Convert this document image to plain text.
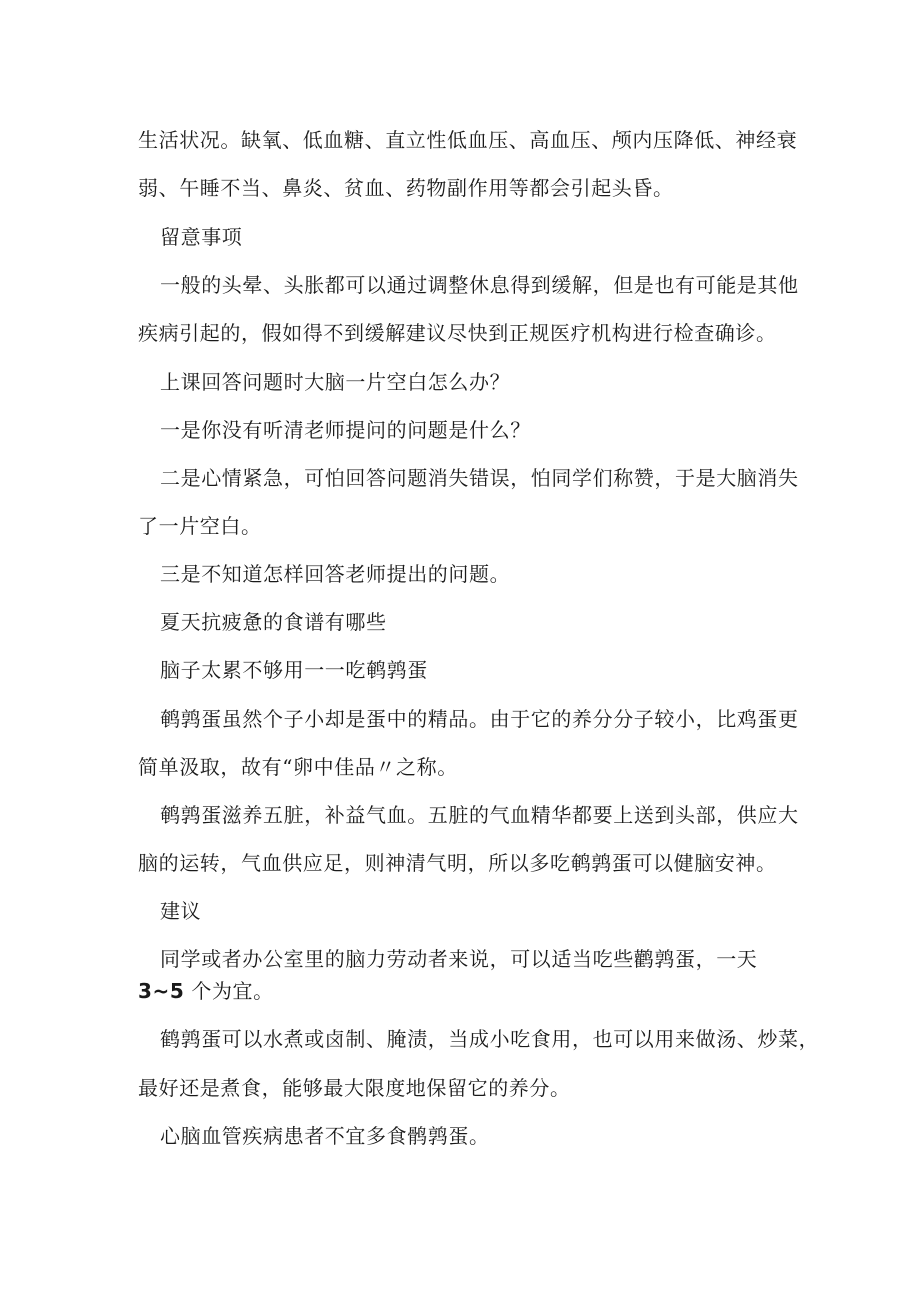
生活状况。缺氧、低血糖、直立性低血压、高血压、颅内压降低、神经衰
弱、午睡不当、鼻炎、贫血、药物副作用等都会引起头昏。
留意事项
一般的头晕、头胀都可以通过调整休息得到缓解，但是也有可能是其他
疾病引起的，假如得不到缓解建议尽快到正规医疗机构进行检查确诊。
上课回答问题时大脑一片空白怎么办？
一是你没有听清老师提问的问题是什么？
二是心情紧急，可怕回答问题消失错误，怕同学们称赞，于是大脑消失
了一片空白。
三是不知道怎样回答老师提出的问题。
夏天抗疲惫的食谱有哪些
脑子太累不够用一一吃鹌鹑蛋
鹌鹑蛋虽然个子小却是蛋中的精品。由于它的养分分子较小，比鸡蛋更
简单汲取，故有“卵中佳品〃之称。
鹌鹑蛋滋养五脏，补益气血。五脏的气血精华都要上送到头部，供应大
脑的运转，气血供应足，则神清气明，所以多吃鹌鹑蛋可以健脑安神。
建议
同学或者办公室里的脑力劳动者来说，可以适当吃些鹳鹑蛋，一天
3~5 个为宜。
鹤鹑蛋可以水煮或卤制、腌渍，当成小吃食用，也可以用来做汤、炒菜，
最好还是煮食，能够最大限度地保留它的养分。
心脑血管疾病患者不宜多食鹘鹑蛋。
